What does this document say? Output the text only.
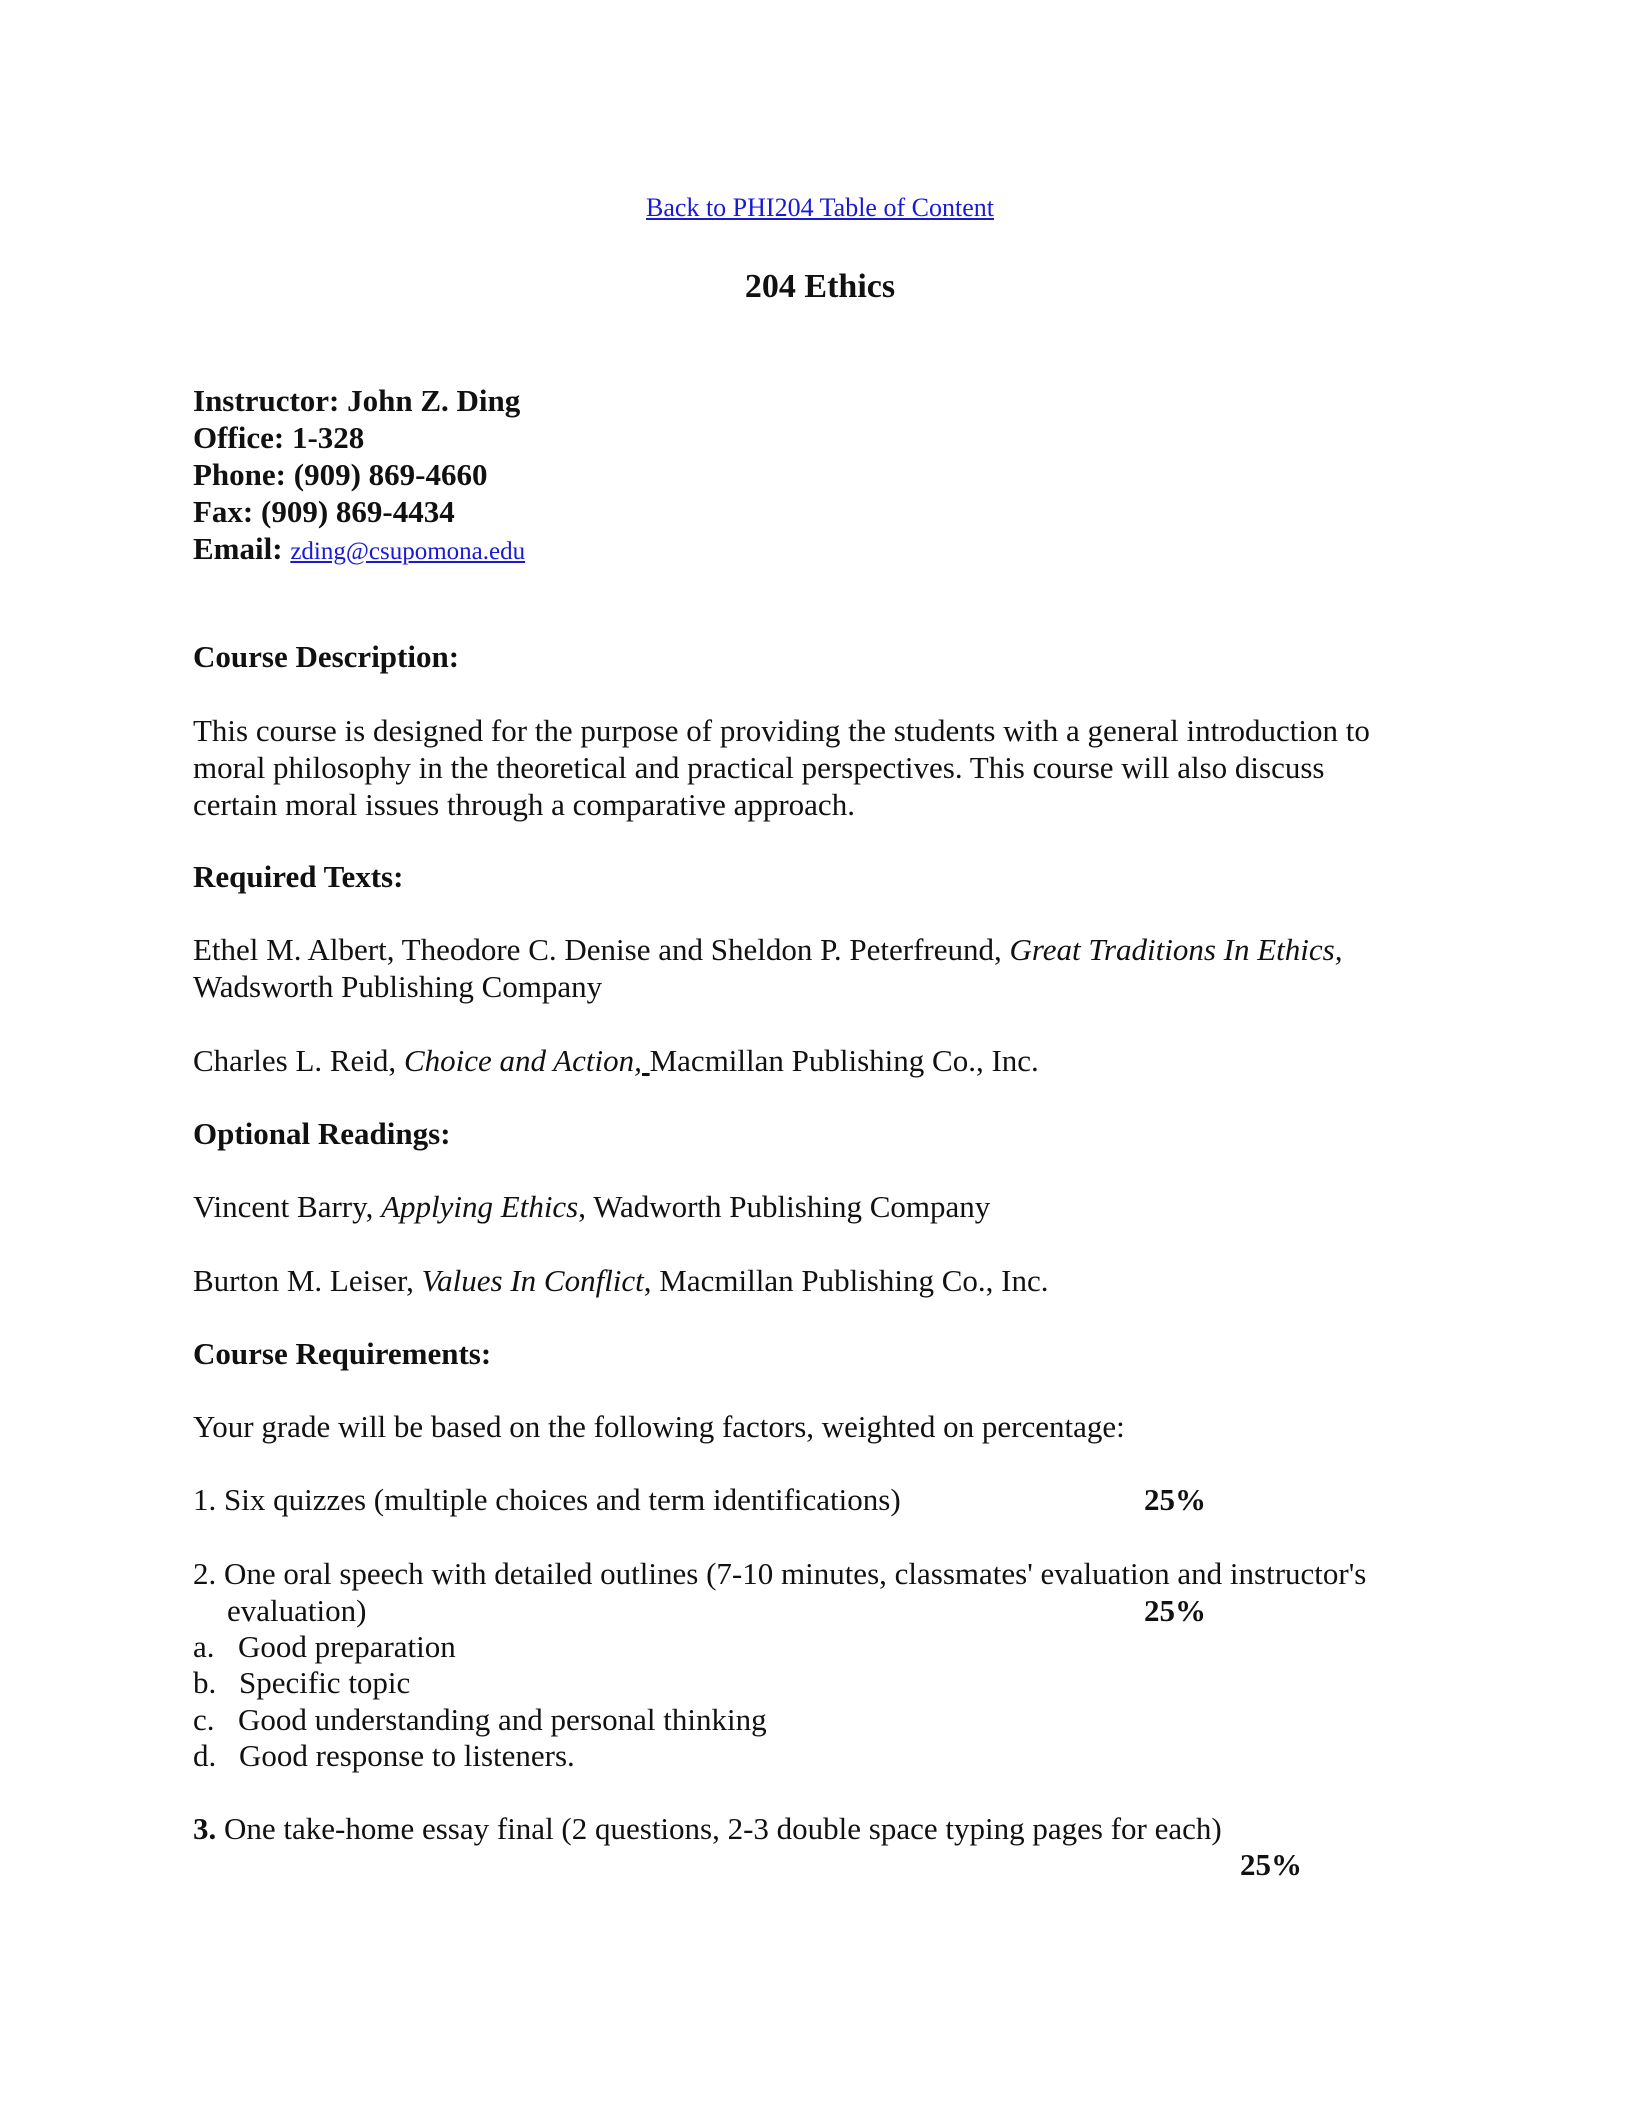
Back to PHI204 Table of Content
204 Ethics
Instructor: John Z. Ding
Office: 1-328
Phone: (909) 869-4660
Fax: (909) 869-4434
Email: zding@csupomona.edu
Course Description:
This course is designed for the purpose of providing the students with a general introduction to
moral philosophy in the theoretical and practical perspectives. This course will also discuss
certain moral issues through a comparative approach.
Required Texts:
Ethel M. Albert, Theodore C. Denise and Sheldon P. Peterfreund, Great Traditions In Ethics,
Wadsworth Publishing Company
Charles L. Reid, Choice and Action, Macmillan Publishing Co., Inc.
Optional Readings:
Vincent Barry, Applying Ethics, Wadworth Publishing Company
Burton M. Leiser, Values In Conflict, Macmillan Publishing Co., Inc.
Course Requirements:
Your grade will be based on the following factors, weighted on percentage:
1. Six quizzes (multiple choices and term identifications)	25%
2. One oral speech with detailed outlines (7-10 minutes, classmates' evaluation and instructor's
evaluation)	25%
a. Good preparation
b. Specific topic
c. Good understanding and personal thinking
d. Good response to listeners.
3. One take-home essay final (2 questions, 2-3 double space typing pages for each)
25%
